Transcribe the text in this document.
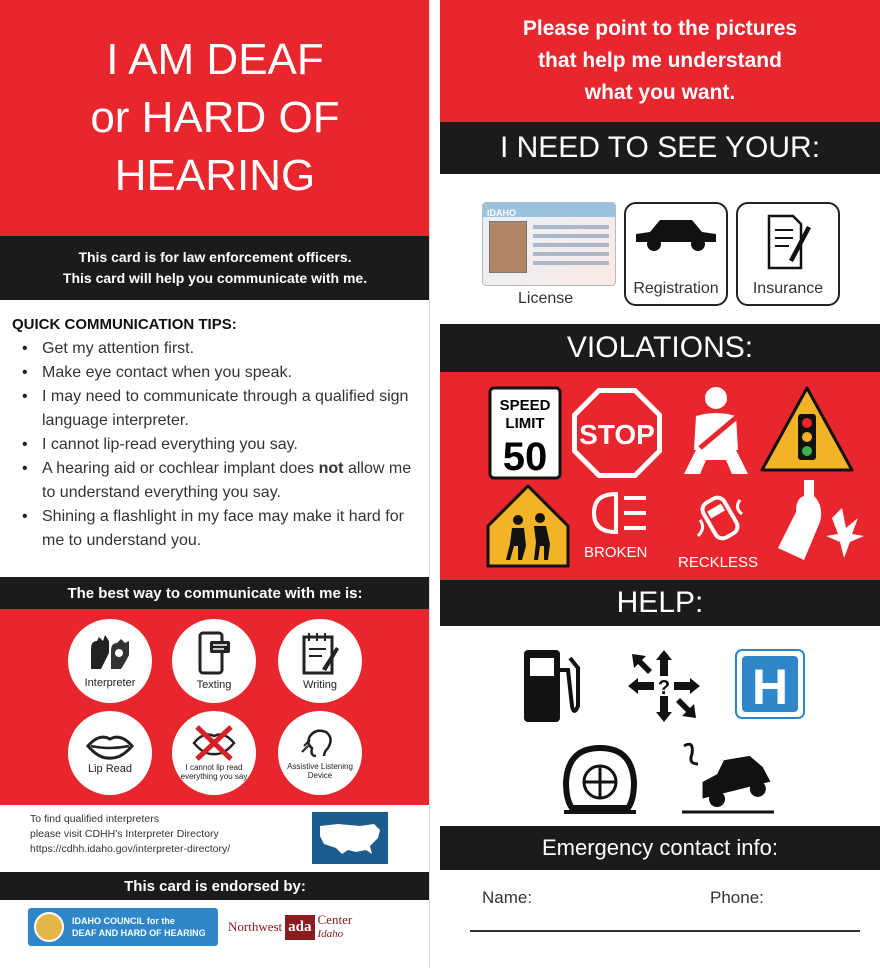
I AM DEAF
or HARD OF
HEARING
This card is for law enforcement officers.
This card will help you communicate with me.
QUICK COMMUNICATION TIPS:
• Get my attention first.
• Make eye contact when you speak.
• I may need to communicate through a qualified sign language interpreter.
• I cannot lip-read everything you say.
• A hearing aid or cochlear implant does not allow me to understand everything you say.
• Shining a flashlight in my face may make it hard for me to understand you.
The best way to communicate with me is:
Interpreter	Texting	Writing
Lip Read	I cannot lip read everything you say
Assistive Listening Device
To find qualified interpreters
please visit CDHH's Interpreter Directory
https://cdhh.idaho.gov/interpreter-directory/
This card is endorsed by:
IDAHO COUNCIL for the
DEAF AND HARD OF HEARING Northwest ada Center
Idaho
Please point to the pictures
that help me understand
what you want.
I NEED TO SEE YOUR:
IDAHO
License
Registration Insurance
VIOLATIONS:
SPEED
LIMIT
50
STOP
BROKEN
RECKLESS
HELP:
? H
Emergency contact info:
Name:	Phone:
